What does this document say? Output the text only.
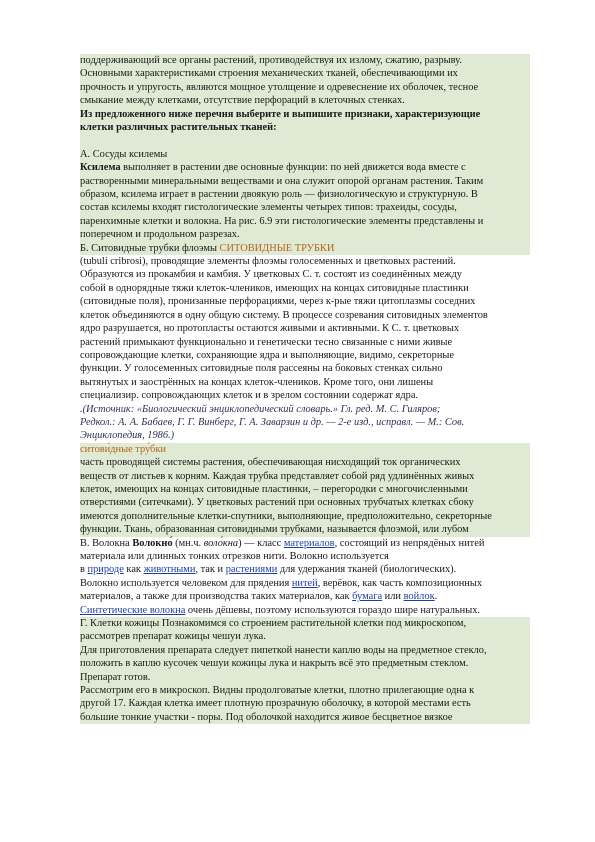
поддерживающий все органы растений, противодействуя их излому, сжатию, разрыву.

Основными характеристиками строения механических тканей, обеспечивающими их

прочность и упругость, являются мощное утолщение и одревеснение их оболочек, тесное

смыкание между клетками, отсутствие перфораций в клеточных стенках.

Из предложенного ниже перечня выберите и выпишите признаки, характеризующие

клетки различных растительных тканей:

А. Сосуды ксилемы

Ксилема выполняет в растении две основные функции: по ней движется вода вместе с

растворенными минеральными веществами и она служит опорой органам растения. Таким

образом, ксилема играет в растении двоякую роль — физиологическую и структурную. В

состав ксилемы входят гистологические элементы четырех типов: трахеиды, сосуды,

паренхимные клетки и волокна. На рис. 6.9 эти гистологические элементы представлены и

поперечном и продольном разрезах.

Б. Ситовидные трубки флоэмы СИТОВИДНЫЕ ТРУБКИ

(tubuli cribrosi), проводящие элементы флоэмы голосеменных и цветковых растений.

Образуются из прокамбия и камбия. У цветковых С. т. состоят из соединённых между

собой в однорядные тяжи клеток-члеников, имеющих на концах ситовидные пластинки

(ситовидные поля), пронизанные перфорациями, через к-рые тяжи цитоплазмы соседних

клеток объединяются в одну общую систему. В процессе созревания ситовидных элементов

ядро разрушается, но протопласты остаются живыми и активными. К С. т. цветковых

растений примыкают функционально и генетически тесно связанные с ними живые

сопровождающие клетки, сохраняющие ядра и выполняющие, видимо, секреторные

функции. У голосеменных ситовидные поля рассеяны на боковых стенках сильно

вытянутых и заострённых на концах клеток-члеников. Кроме того, они лишены

специализир. сопровождающих клеток и в зрелом состоянии содержат ядра.

.(Источник: «Биологический энциклопедический словарь.» Гл. ред. М. С. Гиляров;

Редкол.: А. А. Бабаев, Г. Г. Винберг, Г. А. Заварзин и др. — 2-е изд., исправл. — М.: Сов.

Энциклопедия, 1986.)

ситови́дные тру́бки

часть проводящей системы растения, обеспечивающая нисходящий ток органических

веществ от листьев к корням. Каждая трубка представляет собой ряд удлинённых живых

клеток, имеющих на концах ситовидные пластинки, – перегородки с многочисленными

отверстиями (ситечками). У цветковых растений при основных трубчатых клетках сбоку

имеются дополнительные клетки-спутники, выполняющие, предположительно, секреторные

функции. Ткань, образованная ситовидными трубками, называется флоэмой, или лубом

В. Волокна Волокно́ (мн.ч. воло́кна) — класс материалов, состоящий из непрядёных нитей

материала или длинных тонких отрезков нити. Волокно используется

в природе как животными, так и растениями для удержания тканей (биологических).

Волокно используется человеком для прядения нитей, верёвок, как часть композиционных

материалов, а также для производства таких материалов, как бумага или войлок.

Синтетические волокна очень дёшевы, поэтому используются гораздо шире натуральных.

Г. Клетки кожицы Познакомимся со строением растительной клетки под микроскопом,

рассмотрев препарат кожицы чешуи лука.

Для приготовления препарата следует пипеткой нанести каплю воды на предметное стекло,

положить в каплю кусочек чешуи кожицы лука и накрыть всё это предметным стеклом.

Препарат готов.

Рассмотрим его в микроскоп. Видны продолговатые клетки, плотно прилегающие одна к

другой 17. Каждая клетка имеет плотную прозрачную оболочку, в которой местами есть

большие тонкие участки - поры. Под оболочкой находится живое бесцветное вязкое
